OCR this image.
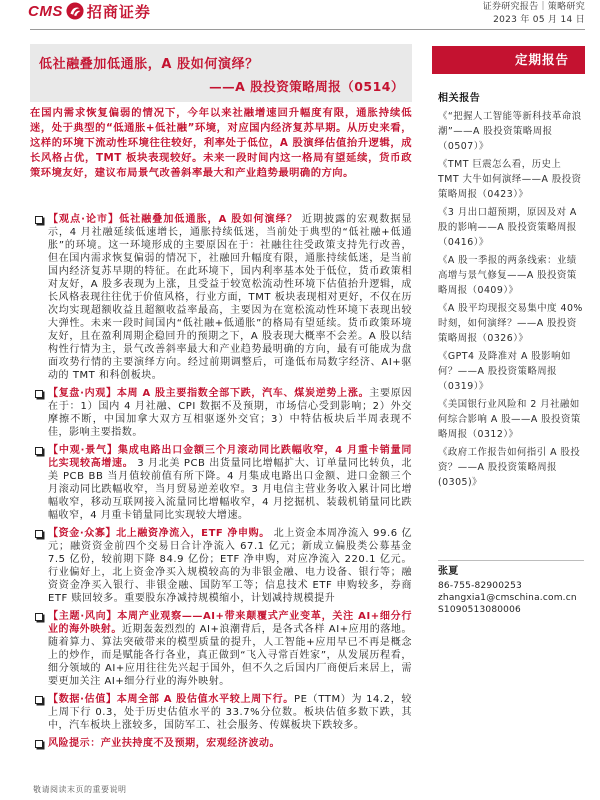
CMS 招商证券	证券研究报告｜策略研究
2023 年 05 月 14 日
低社融叠加低通胀，A 股如何演绎？
——A 股投资策略周报（0514）
定期报告

在国内需求恢复偏弱的情况下，今年以来社融增速回升幅度有限，通胀持续低迷，处于典型的“低通胀+低社融”环境，对应国内经济复苏早期。从历史来看，这样的环境下流动性环境往往较好，利率处于低位，A 股演绎估值抬升逻辑，成长风格占优，TMT 板块表现较好。未来一段时间内这一格局有望延续，货币政策环境友好，建议布局景气改善斜率最大和产业趋势最明确的方向。

【观点·论市】低社融叠加低通胀，A 股如何演绎？ 近期披露的宏观数据显示，4 月社融延续低速增长，通胀持续低迷，当前处于典型的“低社融+低通胀”的环境。这一环境形成的主要原因在于：社融往往受政策支持先行改善，但在国内需求恢复偏弱的情况下，社融回升幅度有限，通胀持续低迷，是当前国内经济复苏早期的特征。在此环境下，国内利率基本处于低位，货币政策相对友好，A 股多表现为上涨，且受益于较宽松流动性环境下估值抬升逻辑，成长风格表现往往优于价值风格，行业方面，TMT 板块表现相对更好，不仅在历次均实现超额收益且超额收益率最高，主要因为在宽松流动性环境下表现出较大弹性。未来一段时间国内“低社融+低通胀”的格局有望延续。货币政策环境友好，且在盈利周期企稳回升的预期之下，A 股表现大概率不会差。A 股以结构性行情为主，景气改善斜率最大和产业趋势最明确的方向，最有可能成为盘面攻势行情的主要演绎方向。经过前期调整后，可逢低布局数字经济、AI+驱动的 TMT 和科创板块。

【复盘·内观】本周 A 股主要指数全部下跌，汽车、煤炭逆势上涨。主要原因在于：1）国内 4 月社融、CPI 数据不及预期，市场信心受到影响；2）外交摩擦不断，中国加拿大双方互相驱逐外交官；3）中特估板块后半周表现不佳，影响主要指数。

【中观·景气】集成电路出口金额三个月滚动同比跌幅收窄，4 月重卡销量同比实现较高增速。 3 月北美 PCB 出货量同比增幅扩大、订单量同比转负，北美 PCB BB 当月值较前值有所下降。4 月集成电路出口金额、进口金额三个月滚动同比跌幅收窄，当月贸易逆差收窄。3 月电信主营业务收入累计同比增幅收窄，移动互联网接入流量同比增幅收窄，4 月挖掘机、装载机销量同比跌幅收窄，4 月重卡销量同比实现较大增速。

【资金·众寡】北上融资净流入，ETF 净申购。 北上资金本周净流入 99.6 亿元；融资资金前四个交易日合计净流入 67.1 亿元；新成立偏股类公募基金 7.5 亿份，较前期下降 84.9 亿份；ETF 净申购，对应净流入 220.1 亿元。行业偏好上，北上资金净买入规模较高的为非银金融、电力设备、银行等；融资资金净买入银行、非银金融、国防军工等；信息技术 ETF 申购较多，券商 ETF 赎回较多。重要股东净减持规模缩小，计划减持规模提升

【主题·风向】本周产业观察——AI+带来颠覆式产业变革，关注 AI+细分行业的海外映射。近期轰轰烈烈的 AI+浪潮背后，是各式各样 AI+应用的落地。随着算力、算法突破带来的模型质量的提升，人工智能+应用早已不再是概念上的炒作，而是赋能各行各业，真正做到“飞入寻常百姓家”，从发展历程看，细分领域的 AI+应用往往先兴起于国外，但不久之后国内厂商便后来居上，需要更加关注 AI+细分行业的海外映射。

【数据·估值】本周全部 A 股估值水平较上周下行。PE（TTM）为 14.2，较上周下行 0.3，处于历史估值水平的 33.7%分位数。板块估值多数下跌，其中，汽车板块上涨较多，国防军工、社会服务、传媒板块下跌较多。

风险提示：产业扶持度不及预期，宏观经济波动。

相关报告

《“把握人工智能等新科技革命浪潮”——A 股投资策略周报（0507）》

《TMT 巨震怎么看，历史上 TMT 大牛如何演绎——A 股投资策略周报（0423）》

《3 月出口超预期，原因及对 A 股的影响——A 股投资策略周报（0416）》

《A 股一季报的两条线索：业绩高增与景气修复——A 股投资策略周报（0409）》

《A 股平均现报交易集中度 40%时刻，如何演绎？——A 股投资策略周报（0326）》

《GPT4 及降准对 A 股影响如何？——A 股投资策略周报（0319）》

《美国银行业风险和 2 月社融如何综合影响 A 股——A 股投资策略周报（0312）》

《政府工作报告如何指引 A 股投资？——A 股投资策略周报(0305)》

张夏
86-755-82900253
zhangxia1@cmschina.com.cn
S1090513080006
敬请阅读末页的重要说明
